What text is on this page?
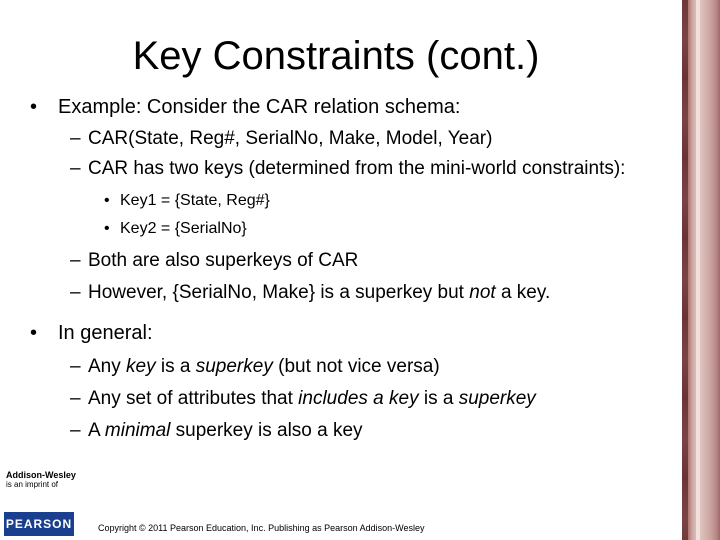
Key Constraints (cont.)
• Example: Consider the CAR relation schema:
– CAR(State, Reg#, SerialNo, Make, Model, Year)
– CAR has two keys (determined from the mini-world constraints):
• Key1 = {State, Reg#}
• Key2 = {SerialNo}
– Both are also superkeys of CAR
– However, {SerialNo, Make} is a superkey but not a key.
• In general:
– Any key is a superkey (but not vice versa)
– Any set of attributes that includes a key is a superkey
– A minimal superkey is also a key
Addison-Wesley
is an imprint of
PEARSON	Copyright © 2011 Pearson Education, Inc. Publishing as Pearson Addison-Wesley
